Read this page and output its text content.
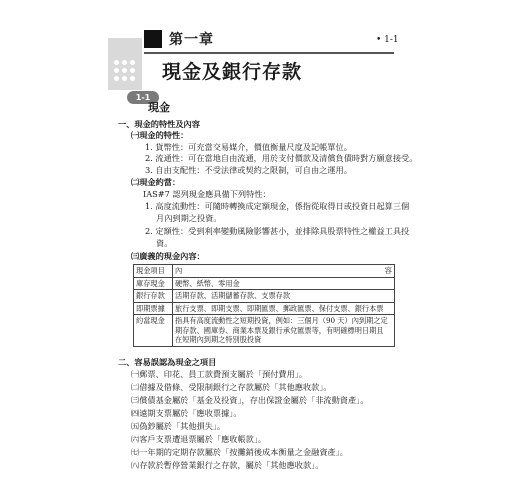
第一章	• 1-1
現金及銀行存款
1-1
現金
一、現金的特性及內容
㈠現金的特性：
1. 貨幣性：可充當交易媒介，價值衡量尺度及記帳單位。
2. 流通性：可在當地自由流通，用於支付價款及清償負債時對方願意接受。
3. 自由支配性：不受法律或契約之限制，可自由之運用。
㈡現金約當：
IAS#7 認列現金應具備下列特性：
1. 高度流動性：可隨時轉換成定額現金，係指從取得日或投資日起算三個
月內到期之投資。
2. 定額性：受到利率變動風險影響甚小，並排除具股票特性之權益工具投
資。
㈢廣義的現金內容：
現金項目	內 容

庫存現金	硬幣、紙幣、零用金
銀行存款	活期存款、活期儲蓄存款、支票存款
即期票據	旅行支票、即期支票、即期匯票、郵政匯票、保付支票、銀行本票
約當現金	指具有高度流動性之短期投資，例如：三個月（90 天）內到期之定
期存款、國庫券、商業本票及銀行承兌匯票等，有明確標明日期且
在短期內到期之特別股投資
二、容易誤認為現金之項目
㈠郵票、印花、員工款費預支屬於「預付費用」。
㈡借據及借條、受限制銀行之存款屬於「其他應收款」。
㈢償債基金屬於「基金及投資」，存出保證金屬於「非流動資產」。
㈣遠期支票屬於「應收票據」。
㈤偽鈔屬於「其他損失」。
㈥客戶支票遭退票屬於「應收帳款」。
㈦一年期的定期存款屬於「按攤銷後成本衡量之金融資產」。
㈧存款於暫停營業銀行之存款，屬於「其他應收款」。
